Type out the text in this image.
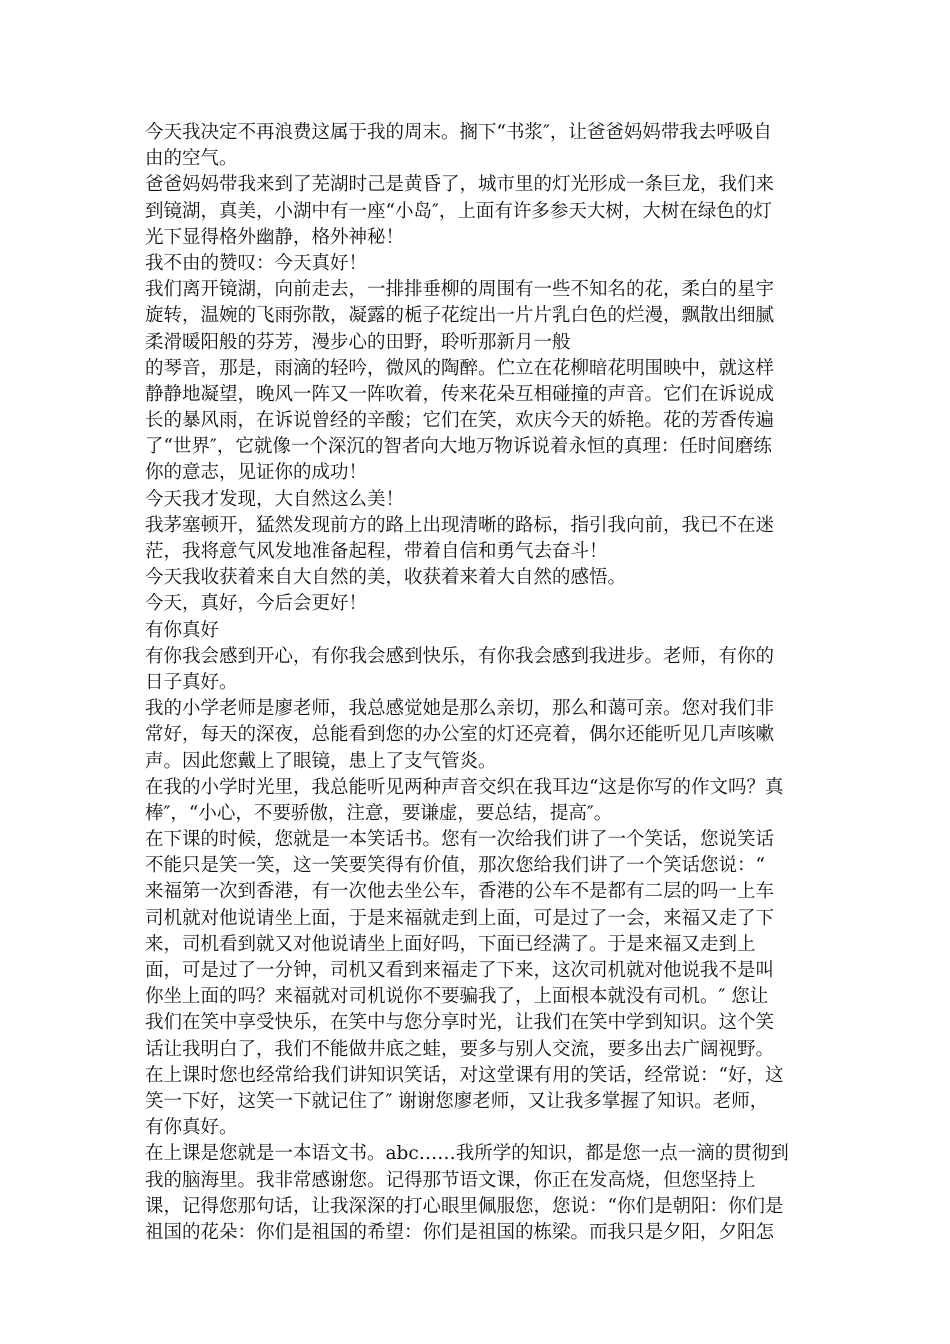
今天我决定不再浪费这属于我的周末。搁下“书浆″，让爸爸妈妈带我去呼吸自
由的空气。
爸爸妈妈带我来到了芜湖时己是黄昏了，城市里的灯光形成一条巨龙，我们来
到镜湖，真美，小湖中有一座“小岛″，上面有许多参天大树，大树在绿色的灯
光下显得格外幽静，格外神秘！
我不由的赞叹：今天真好！
我们离开镜湖，向前走去，一排排垂柳的周围有一些不知名的花，柔白的星宇
旋转，温婉的飞雨弥散，凝露的栀子花绽出一片片乳白色的烂漫，飘散出细腻
柔滑暖阳般的芬芳，漫步心的田野，聆听那新月一般
的琴音，那是，雨滴的轻吟，微风的陶醉。伫立在花柳暗花明围映中，就这样
静静地凝望，晚风一阵又一阵吹着，传来花朵互相碰撞的声音。它们在诉说成
长的暴风雨，在诉说曾经的辛酸；它们在笑，欢庆今天的娇艳。花的芳香传遍
了“世界″，它就像一个深沉的智者向大地万物诉说着永恒的真理：任时间磨练
你的意志，见证你的成功！
今天我才发现，大自然这么美！
我茅塞顿开，猛然发现前方的路上出现清晰的路标，指引我向前，我已不在迷
茫，我将意气风发地准备起程，带着自信和勇气去奋斗！
今天我收获着来自大自然的美，收获着来着大自然的感悟。
今天，真好，今后会更好！
有你真好
有你我会感到开心，有你我会感到快乐，有你我会感到我进步。老师，有你的
日子真好。
我的小学老师是廖老师，我总感觉她是那么亲切，那么和蔼可亲。您对我们非
常好，每天的深夜，总能看到您的办公室的灯还亮着，偶尔还能听见几声咳嗽
声。因此您戴上了眼镜，患上了支气管炎。
在我的小学时光里，我总能听见两种声音交织在我耳边“这是你写的作文吗？真
棒″，“小心，不要骄傲，注意，要谦虚，要总结，提高″。
在下课的时候，您就是一本笑话书。您有一次给我们讲了一个笑话，您说笑话
不能只是笑一笑，这一笑要笑得有价值，那次您给我们讲了一个笑话您说：“
来福第一次到香港，有一次他去坐公车，香港的公车不是都有二层的吗一上车
司机就对他说请坐上面，于是来福就走到上面，可是过了一会，来福又走了下
来，司机看到就又对他说请坐上面好吗，下面已经满了。于是来福又走到上
面，可是过了一分钟，司机又看到来福走了下来，这次司机就对他说我不是叫
你坐上面的吗？来福就对司机说你不要骗我了，上面根本就没有司机。″ 您让
我们在笑中享受快乐，在笑中与您分享时光，让我们在笑中学到知识。这个笑
话让我明白了，我们不能做井底之蛙，要多与别人交流，要多出去广阔视野。
在上课时您也经常给我们讲知识笑话，对这堂课有用的笑话，经常说：“好，这
笑一下好，这笑一下就记住了″ 谢谢您廖老师，又让我多掌握了知识。老师，
有你真好。
在上课是您就是一本语文书。abc……我所学的知识，都是您一点一滴的贯彻到
我的脑海里。我非常感谢您。记得那节语文课，你正在发高烧，但您坚持上
课，记得您那句话，让我深深的打心眼里佩服您，您说：“你们是朝阳：你们是
祖国的花朵：你们是祖国的希望：你们是祖国的栋梁。而我只是夕阳，夕阳怎
